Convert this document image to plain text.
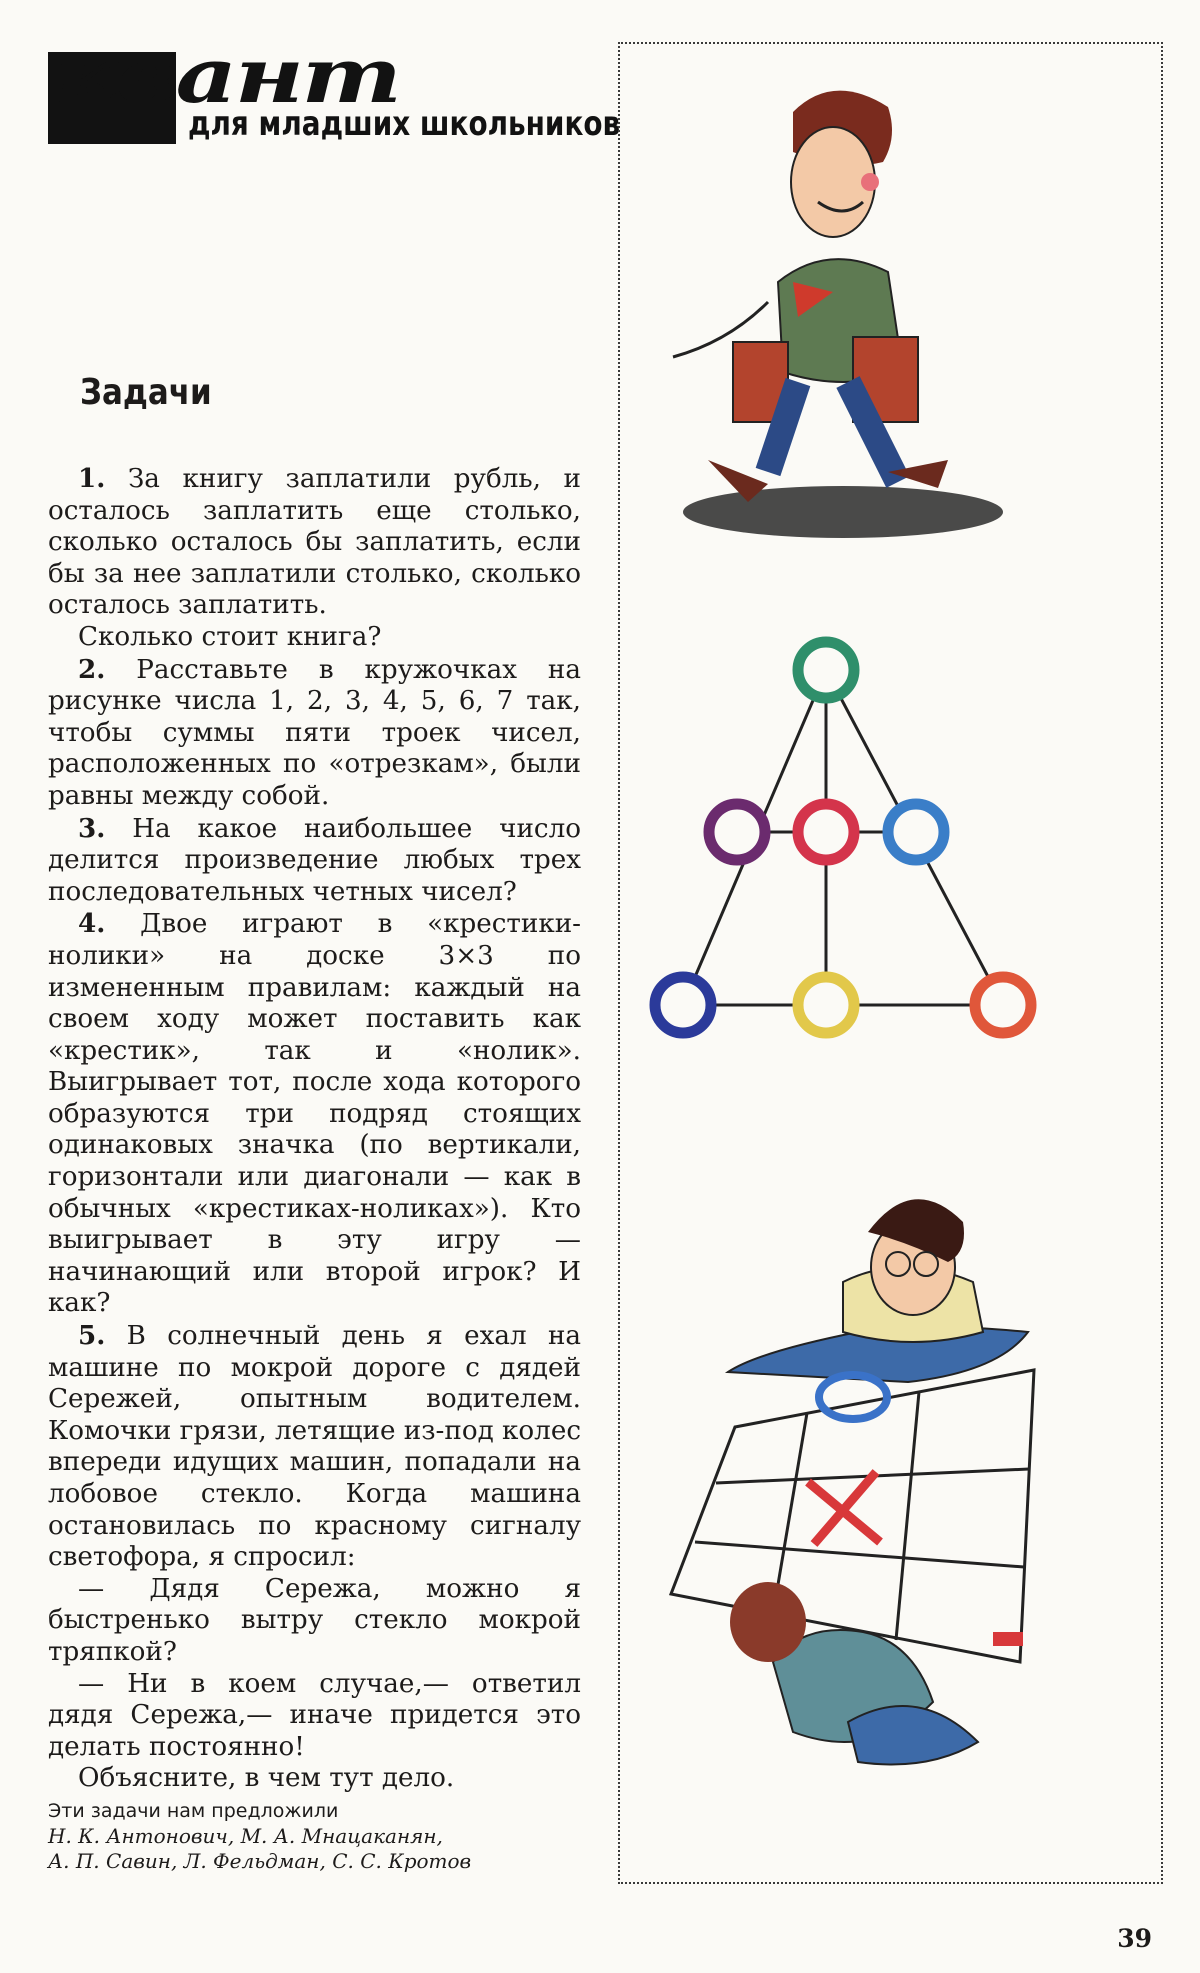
квант
для младших школьников
Задачи

1. За книгу заплатили рубль, и осталось заплатить еще столько, сколько осталось бы заплатить, если бы за нее заплатили столько, сколько осталось заплатить.

Сколько стоит книга?

2. Расставьте в кружочках на рисунке числа 1, 2, 3, 4, 5, 6, 7 так, чтобы суммы пяти троек чисел, расположенных по «отрезкам», были равны между собой.

3. На какое наибольшее число делится произведение любых трех последовательных четных чисел?

4. Двое играют в «крестики-нолики» на доске 3×3 по измененным правилам: каждый на своем ходу может поставить как «крестик», так и «нолик». Выигрывает тот, после хода которого образуются три подряд стоящих одинаковых значка (по вертикали, горизонтали или диагонали — как в обычных «крестиках-ноликах»). Кто выигрывает в эту игру — начинающий или второй игрок? И как?

5. В солнечный день я ехал на машине по мокрой дороге с дядей Сережей, опытным водителем. Комочки грязи, летящие из-под колес впереди идущих машин, попадали на лобовое стекло. Когда машина остановилась по красному сигналу светофора, я спросил:

— Дядя Сережа, можно я быстренько вытру стекло мокрой тряпкой?

— Ни в коем случае,— ответил дядя Сережа,— иначе придется это делать постоянно!

Объясните, в чем тут дело.

Эти задачи нам предложили
Н. К. Антонович, М. А. Мнацаканян,
А. П. Савин, Л. Фельдман, С. С. Кротов
39
